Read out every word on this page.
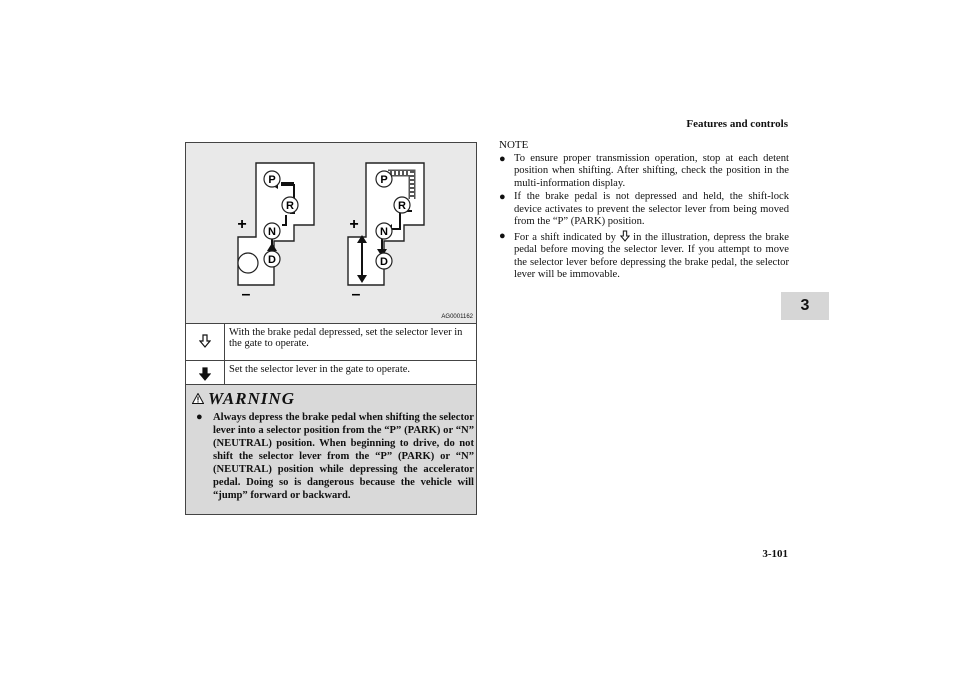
Features and controls
3
P
R
N
D
+
–
P
R
N
D
+
–
AG0001162
	With the brake pedal depressed, set the selector lever in the gate to operate.
	Set the selector lever in the gate to operate.
WARNING
● Always depress the brake pedal when shifting the selector lever into a selector position from the “P” (PARK) or “N” (NEUTRAL) position. When beginning to drive, do not shift the selector lever from the “P” (PARK) or “N” (NEUTRAL) position while depressing the accelerator pedal. Doing so is dangerous because the vehicle will “jump” forward or backward.
NOTE
● To ensure proper transmission operation, stop at each detent position when shifting. After shifting, check the position in the multi-information display.
● If the brake pedal is not depressed and held, the shift-lock device activates to prevent the selector lever from being moved from the “P” (PARK) position.
● For a shift indicated by in the illustration, depress the brake pedal before moving the selector lever. If you attempt to move the selector lever before depressing the brake pedal, the selector lever will be immovable.
3-101
